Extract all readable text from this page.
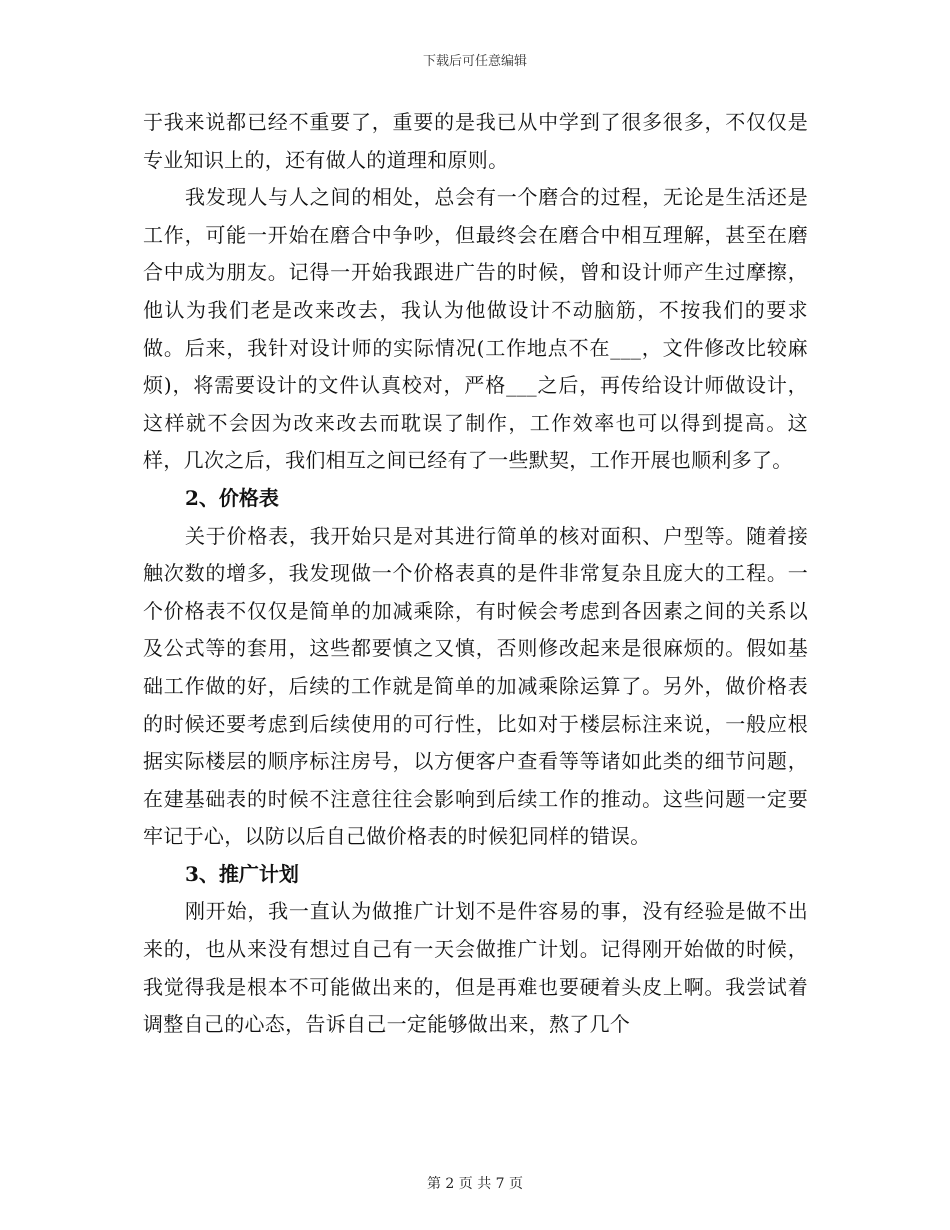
下载后可任意编辑

于我来说都已经不重要了，重要的是我已从中学到了很多很多，不仅仅是专业知识上的，还有做人的道理和原则。

我发现人与人之间的相处，总会有一个磨合的过程，无论是生活还是工作，可能一开始在磨合中争吵，但最终会在磨合中相互理解，甚至在磨合中成为朋友。记得一开始我跟进广告的时候，曾和设计师产生过摩擦，他认为我们老是改来改去，我认为他做设计不动脑筋，不按我们的要求做。后来，我针对设计师的实际情况(工作地点不在___，文件修改比较麻烦)，将需要设计的文件认真校对，严格___之后，再传给设计师做设计，这样就不会因为改来改去而耽误了制作，工作效率也可以得到提高。这样，几次之后，我们相互之间已经有了一些默契，工作开展也顺利多了。

2、价格表

关于价格表，我开始只是对其进行简单的核对面积、户型等。随着接触次数的增多，我发现做一个价格表真的是件非常复杂且庞大的工程。一个价格表不仅仅是简单的加减乘除，有时候会考虑到各因素之间的关系以及公式等的套用，这些都要慎之又慎，否则修改起来是很麻烦的。假如基础工作做的好，后续的工作就是简单的加减乘除运算了。另外，做价格表的时候还要考虑到后续使用的可行性，比如对于楼层标注来说，一般应根据实际楼层的顺序标注房号，以方便客户查看等等诸如此类的细节问题，在建基础表的时候不注意往往会影响到后续工作的推动。这些问题一定要牢记于心，以防以后自己做价格表的时候犯同样的错误。

3、推广计划

刚开始，我一直认为做推广计划不是件容易的事，没有经验是做不出来的，也从来没有想过自己有一天会做推广计划。记得刚开始做的时候，我觉得我是根本不可能做出来的，但是再难也要硬着头皮上啊。我尝试着调整自己的心态，告诉自己一定能够做出来，熬了几个

第 2 页 共 7 页
